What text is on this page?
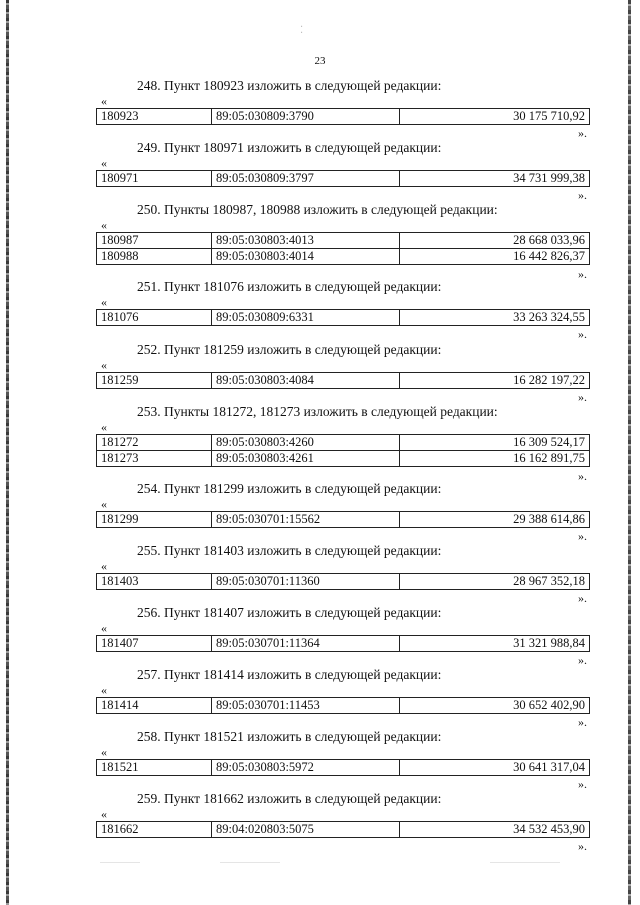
⁚
23
248. Пункт 180923 изложить в следующей редакции:
«
180923	89:05:030809:3790	30 175 710,92
».
249. Пункт 180971 изложить в следующей редакции:
«
180971	89:05:030809:3797	34 731 999,38
».
250. Пункты 180987, 180988 изложить в следующей редакции:
«
180987	89:05:030803:4013	28 668 033,96
180988	89:05:030803:4014	16 442 826,37
».
251. Пункт 181076 изложить в следующей редакции:
«
181076	89:05:030809:6331	33 263 324,55
».
252. Пункт 181259 изложить в следующей редакции:
«
181259	89:05:030803:4084	16 282 197,22
».
253. Пункты 181272, 181273 изложить в следующей редакции:
«
181272	89:05:030803:4260	16 309 524,17
181273	89:05:030803:4261	16 162 891,75
».
254. Пункт 181299 изложить в следующей редакции:
«
181299	89:05:030701:15562	29 388 614,86
».
255. Пункт 181403 изложить в следующей редакции:
«
181403	89:05:030701:11360	28 967 352,18
».
256. Пункт 181407 изложить в следующей редакции:
«
181407	89:05:030701:11364	31 321 988,84
».
257. Пункт 181414 изложить в следующей редакции:
«
181414	89:05:030701:11453	30 652 402,90
».
258. Пункт 181521 изложить в следующей редакции:
«
181521	89:05:030803:5972	30 641 317,04
».
259. Пункт 181662 изложить в следующей редакции:
«
181662	89:04:020803:5075	34 532 453,90
».
